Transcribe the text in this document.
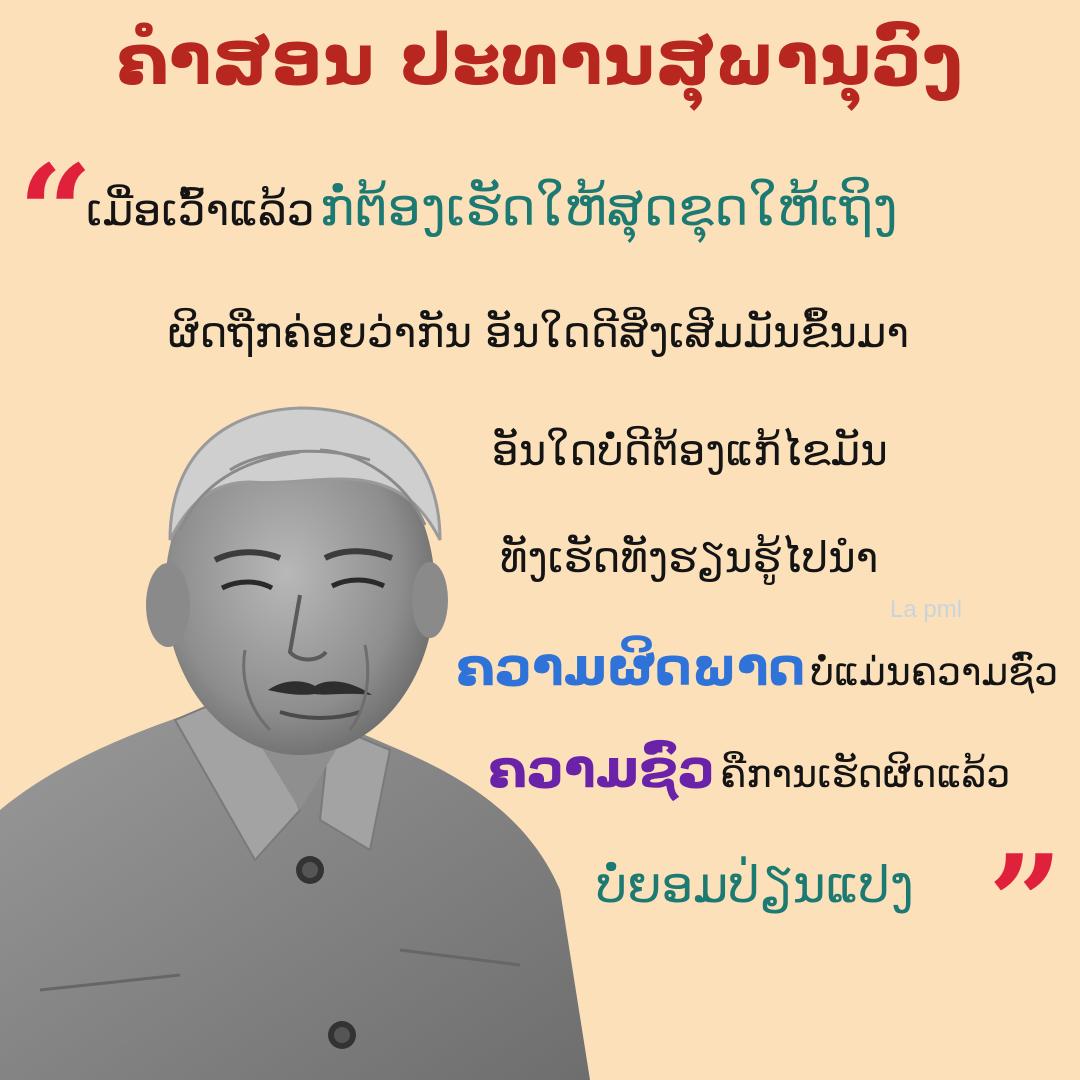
ຄຳສອນ ປະທານສຸພານຸວົງ
“
ເມື່ອເວົ້າແລ້ວ ກໍ່ຕ້ອງເຮັດໃຫ້ສຸດຂຸດໃຫ້ເຖິງ
ຜິດຖືກຄ່ອຍວ່າກັນ ອັນໃດດີສິ່ງເສີມມັນຂຶ້ນມາ
ອັນໃດບໍ່ດີຕ້ອງແກ້ໄຂມັນ
ທັງເຮັດທັງຮຽນຮູ້ໄປນຳ
La pml
ຄວາມຜິດພາດ ບໍ່ແມ່ນຄວາມຊົ່ວ
ຄວາມຊົ່ວ ຄືການເຮັດຜິດແລ້ວ
ບໍ່ຍອມປ່ຽນແປງ ”
